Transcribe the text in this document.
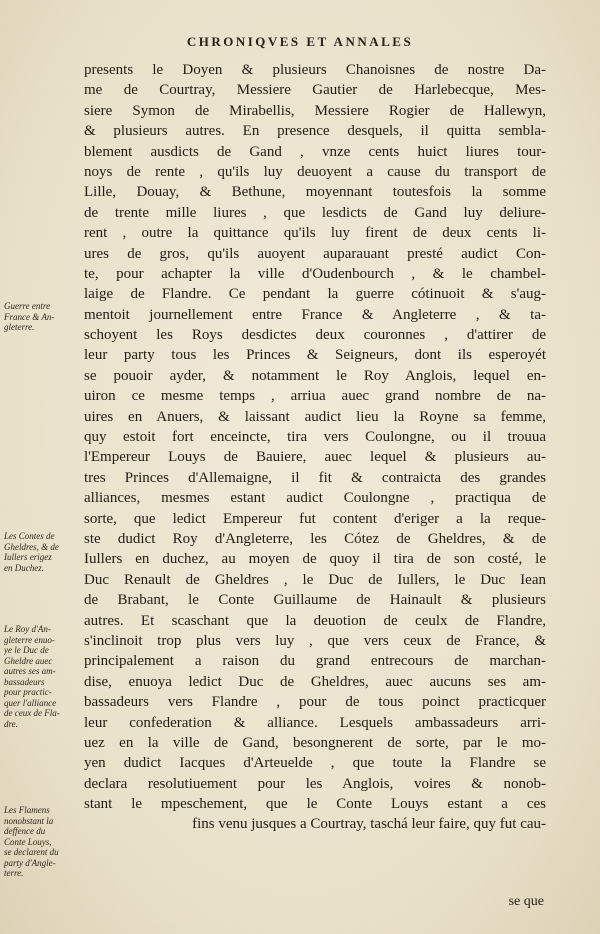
CHRONIQVES ET ANNALES
presents le Doyen & plusieurs Chanoisnes de nostre Da-
me de Courtray, Messiere Gautier de Harlebecque, Mes-
siere Symon de Mirabellis, Messiere Rogier de Hallewyn,
& plusieurs autres. En presence desquels, il quitta sembla-
blement ausdicts de Gand , vnze cents huict liures tour-
noys de rente , qu'ils luy deuoyent a cause du transport de
Lille, Douay, & Bethune, moyennant toutesfois la somme
de trente mille liures , que lesdicts de Gand luy deliure-
rent , outre la quittance qu'ils luy firent de deux cents li-
ures de gros, qu'ils auoyent auparauant presté audict Con-
te, pour achapter la ville d'Oudenbourch , & le chambel-
laige de Flandre. Ce pendant la guerre cótinuoit & s'aug-
mentoit journellement entre France & Angleterre , & ta-
schoyent les Roys desdictes deux couronnes , d'attirer de
leur party tous les Princes & Seigneurs, dont ils esperoyét
se pouoir ayder, & notamment le Roy Anglois, lequel en-
uiron ce mesme temps , arriua auec grand nombre de na-
uires en Anuers, & laissant audict lieu la Royne sa femme,
quy estoit fort enceincte, tira vers Coulongne, ou il trouua
l'Empereur Louys de Bauiere, auec lequel & plusieurs au-
tres Princes d'Allemaigne, il fit & contraicta des grandes
alliances, mesmes estant audict Coulongne , practiqua de
sorte, que ledict Empereur fut content d'eriger a la reque-
ste dudict Roy d'Angleterre, les Cótez de Gheldres, & de
Iullers en duchez, au moyen de quoy il tira de son costé, le
Duc Renault de Gheldres , le Duc de Iullers, le Duc Iean
de Brabant, le Conte Guillaume de Hainault & plusieurs
autres. Et scaschant que la deuotion de ceulx de Flandre,
s'inclinoit trop plus vers luy , que vers ceux de France, &
principalement a raison du grand entrecours de marchan-
dise, enuoya ledict Duc de Gheldres, auec aucuns ses am-
bassadeurs vers Flandre , pour de tous poinct practicquer
leur confederation & alliance. Lesquels ambassadeurs arri-
uez en la ville de Gand, besongnerent de sorte, par le mo-
yen dudict Iacques d'Arteuelde , que toute la Flandre se
declara resolutiuement pour les Anglois, voires & nonob-
stant le mpeschement, que le Conte Louys estant a ces
fins venu jusques a Courtray, taschá leur faire, quy fut cau-
Guerre entre
France & An-
gleterre.
Les Contes de
Gheldres, & de
Iullers erigez
en Duchez.
Le Roy d'An-
gleterre enuo-
ye le Duc de
Gheldre auec
autres ses am-
bassadeurs
pour practic-
quer l'alliance
de ceux de Fla-
dre.
Les Flamens
nonobstant la
deffence du
Conte Louys,
se declarent du
party d'Angle-
terre.
se que
